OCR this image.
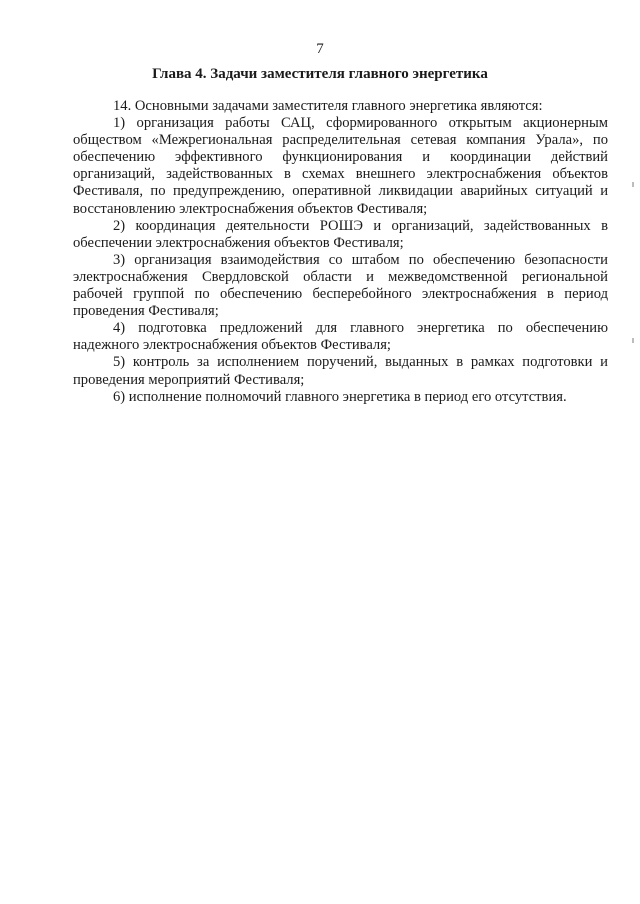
7
Глава 4. Задачи заместителя главного энергетика

14. Основными задачами заместителя главного энергетика являются:

1) организация работы САЦ, сформированного открытым акционерным обществом «Межрегиональная распределительная сетевая компания Урала», по обеспечению эффективного функционирования и координации действий организаций, задействованных в схемах внешнего электроснабжения объектов Фестиваля, по предупреждению, оперативной ликвидации аварийных ситуаций и восстановлению электроснабжения объектов Фестиваля;

2) координация деятельности РОШЭ и организаций, задействованных в обеспечении электроснабжения объектов Фестиваля;

3) организация взаимодействия со штабом по обеспечению безопасности электроснабжения Свердловской области и межведомственной региональной рабочей группой по обеспечению бесперебойного электроснабжения в период проведения Фестиваля;

4) подготовка предложений для главного энергетика по обеспечению надежного электроснабжения объектов Фестиваля;

5) контроль за исполнением поручений, выданных в рамках подготовки и проведения мероприятий Фестиваля;

6) исполнение полномочий главного энергетика в период его отсутствия.
